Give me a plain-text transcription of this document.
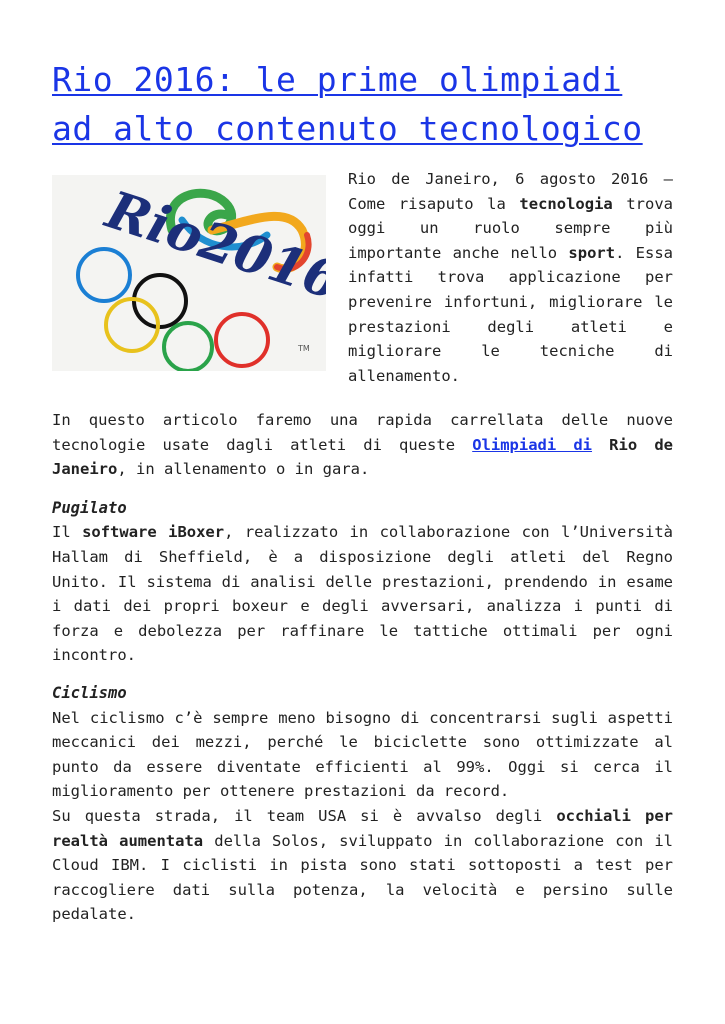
Rio 2016: le prime olimpiadi ad alto contenuto tecnologico
Rio2016
TM
Rio de Janeiro, 6 agosto 2016 – Come risaputo la tecnologia trova oggi un ruolo sempre più importante anche nello sport. Essa infatti trova applicazione per prevenire infortuni, migliorare le prestazioni degli atleti e migliorare le tecniche di allenamento.

In questo articolo faremo una rapida carrellata delle nuove tecnologie usate dagli atleti di queste Olimpiadi di Rio de Janeiro, in allenamento o in gara.

Pugilato

Il software iBoxer, realizzato in collaborazione con l’Università Hallam di Sheffield, è a disposizione degli atleti del Regno Unito. Il sistema di analisi delle prestazioni, prendendo in esame i dati dei propri boxeur e degli avversari, analizza i punti di forza e debolezza per raffinare le tattiche ottimali per ogni incontro.

Ciclismo

Nel ciclismo c’è sempre meno bisogno di concentrarsi sugli aspetti meccanici dei mezzi, perché le biciclette sono ottimizzate al punto da essere diventate efficienti al 99%. Oggi si cerca il miglioramento per ottenere prestazioni da record.

Su questa strada, il team USA si è avvalso degli occhiali per realtà aumentata della Solos, sviluppato in collaborazione con il Cloud IBM. I ciclisti in pista sono stati sottoposti a test per raccogliere dati sulla potenza, la velocità e persino sulle pedalate.
